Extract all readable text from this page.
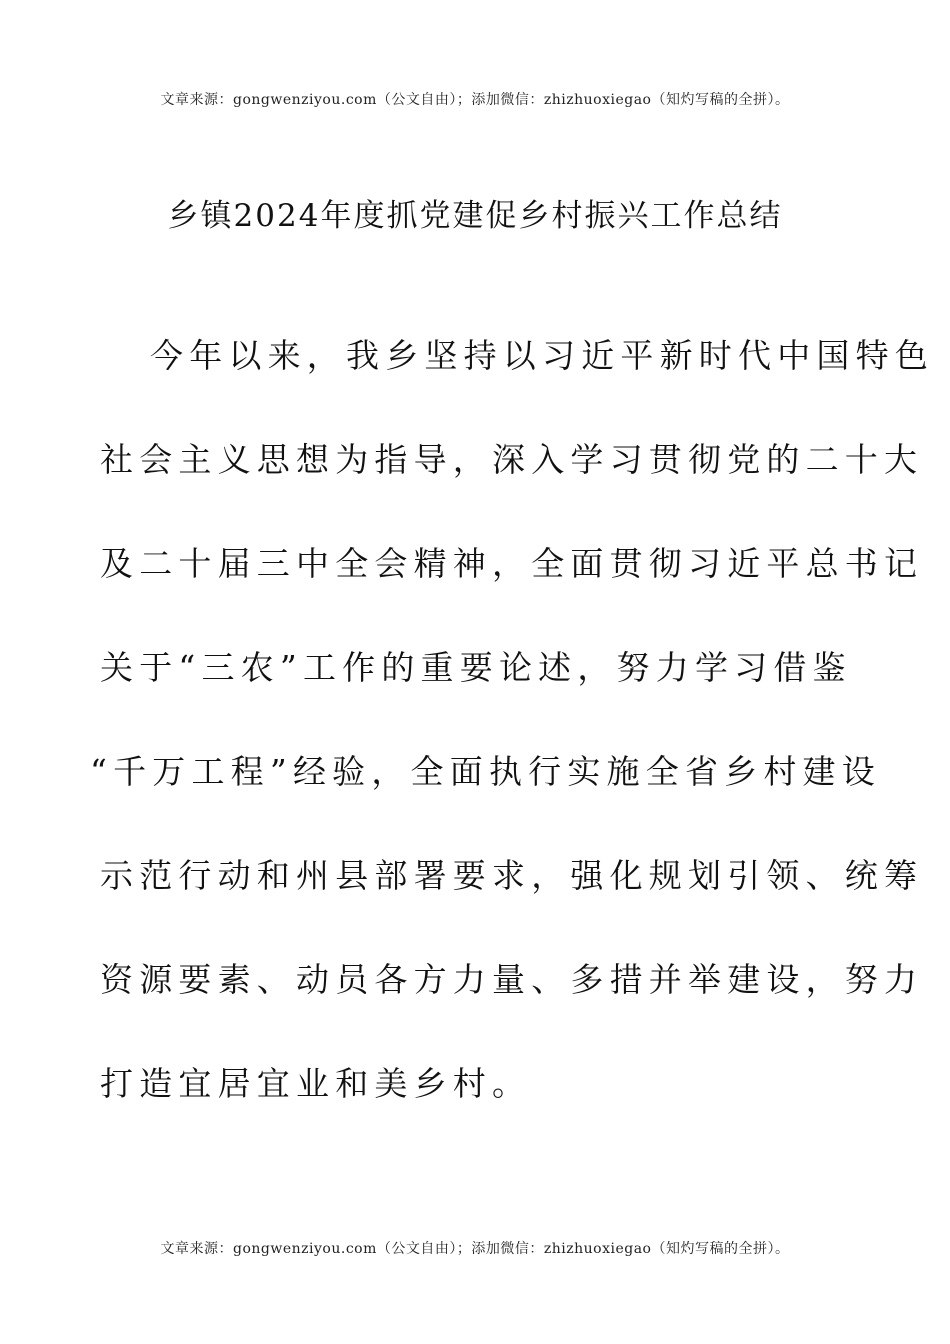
文章来源：gongwenziyou.com（公文自由）；添加微信：zhizhuoxiegao（知灼写稿的全拼）。
乡镇2024年度抓党建促乡村振兴工作总结
今年以来，我乡坚持以习近平新时代中国特色
社会主义思想为指导，深入学习贯彻党的二十大
及二十届三中全会精神，全面贯彻习近平总书记
关于“三农”工作的重要论述，努力学习借鉴
“千万工程”经验，全面执行实施全省乡村建设
示范行动和州县部署要求，强化规划引领、统筹
资源要素、动员各方力量、多措并举建设，努力
打造宜居宜业和美乡村。
文章来源：gongwenziyou.com（公文自由）；添加微信：zhizhuoxiegao（知灼写稿的全拼）。
